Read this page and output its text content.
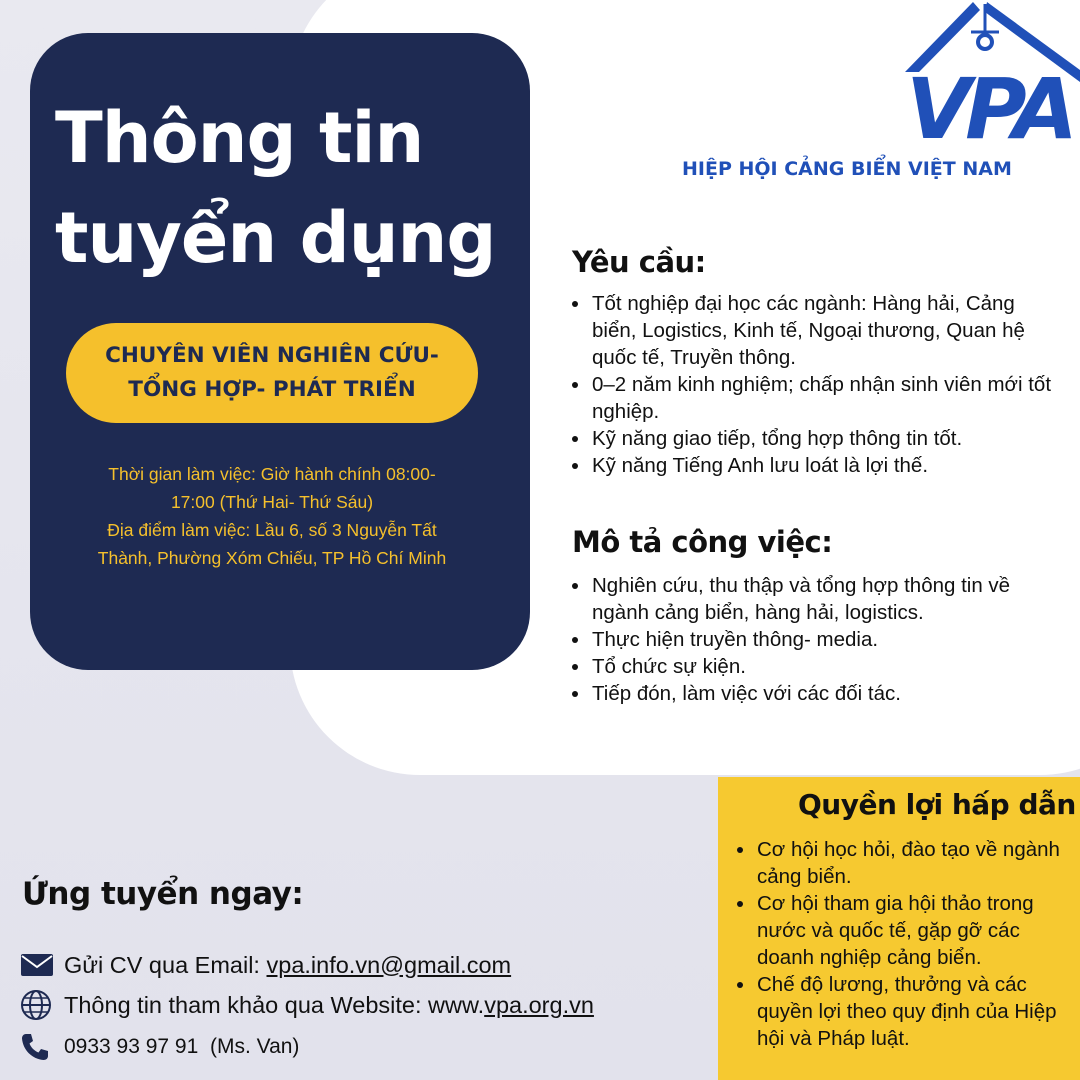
Thông tin
tuyển dụng
CHUYÊN VIÊN NGHIÊN CỨU-
TỔNG HỢP- PHÁT TRIỂN
Thời gian làm việc: Giờ hành chính 08:00-
17:00 (Thứ Hai- Thứ Sáu)
Địa điểm làm việc: Lầu 6, số 3 Nguyễn Tất
Thành, Phường Xóm Chiếu, TP Hồ Chí Minh
VPA
HIỆP HỘI CẢNG BIỂN VIỆT NAM
Yêu cầu:
Tốt nghiệp đại học các ngành: Hàng hải, Cảng biển, Logistics, Kinh tế, Ngoại thương, Quan hệ quốc tế, Truyền thông.
0–2 năm kinh nghiệm; chấp nhận sinh viên mới tốt nghiệp.
Kỹ năng giao tiếp, tổng hợp thông tin tốt.
Kỹ năng Tiếng Anh lưu loát là lợi thế.
Mô tả công việc:
Nghiên cứu, thu thập và tổng hợp thông tin về ngành cảng biển, hàng hải, logistics.
Thực hiện truyền thông- media.
Tổ chức sự kiện.
Tiếp đón, làm việc với các đối tác.
Quyền lợi hấp dẫn
Cơ hội học hỏi, đào tạo về ngành cảng biển.
Cơ hội tham gia hội thảo trong nước và quốc tế, gặp gỡ các doanh nghiệp cảng biển.
Chế độ lương, thưởng và các quyền lợi theo quy định của Hiệp hội và Pháp luật.
Ứng tuyển ngay:
Gửi CV qua Email: vpa.info.vn@gmail.com
Thông tin tham khảo qua Website: www. vpa.org.vn
0933 93 97 91  (Ms. Van)
